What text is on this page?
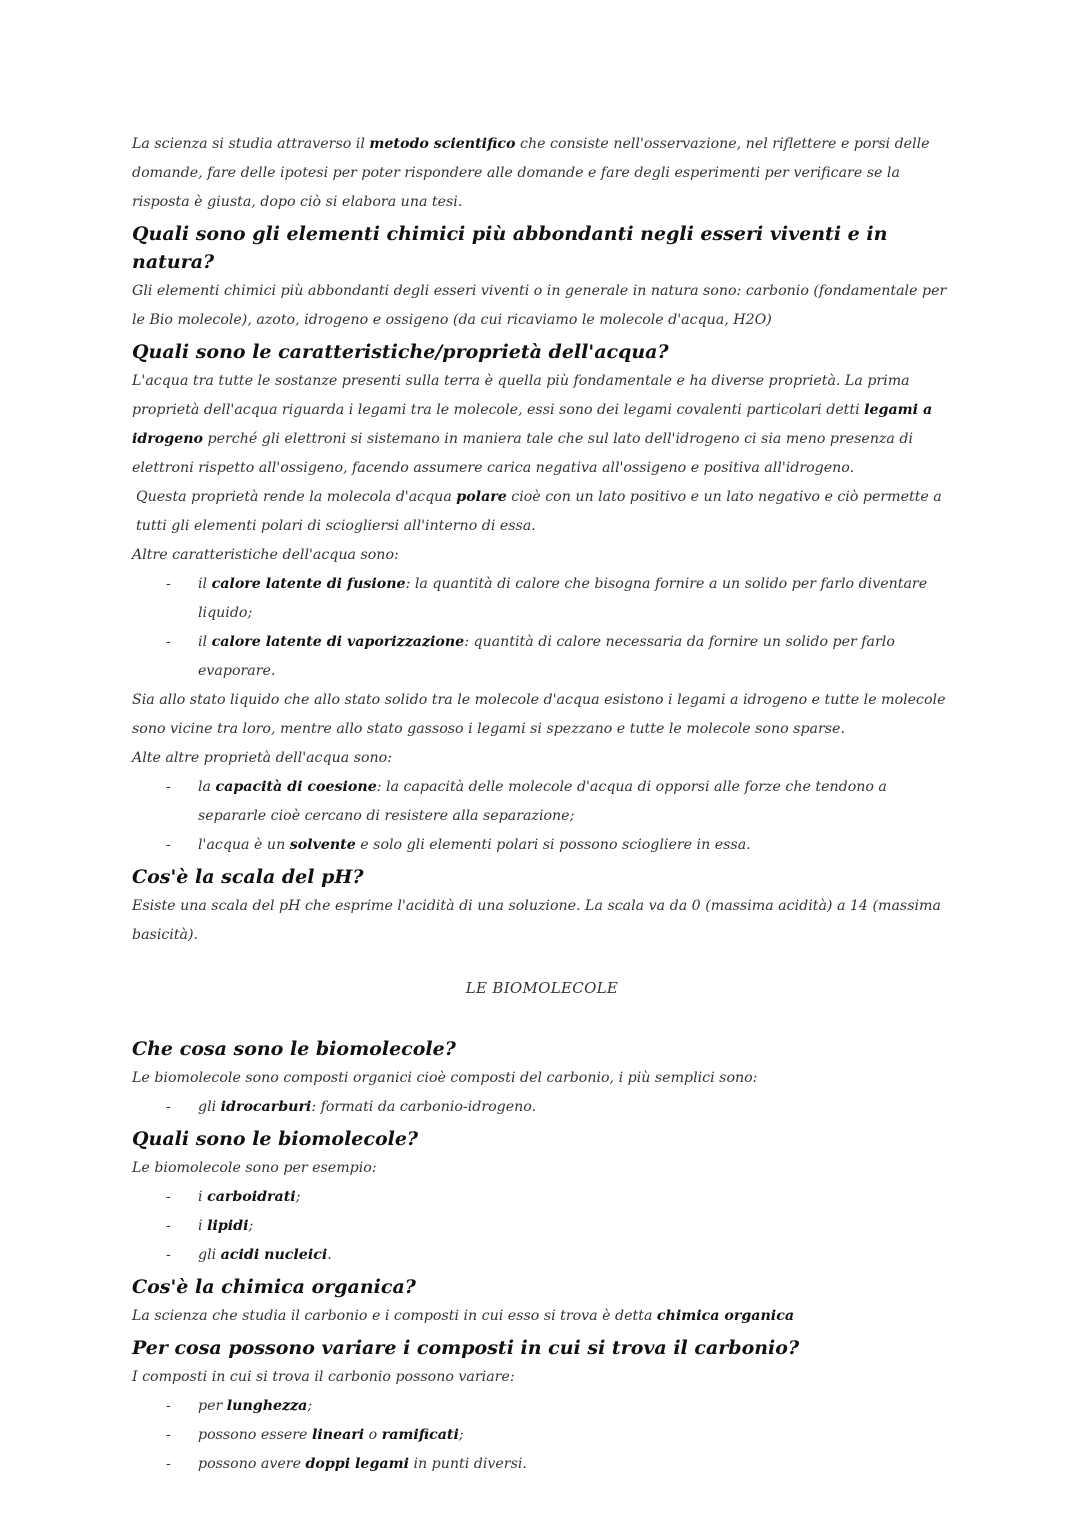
La scienza si studia attraverso il metodo scientifico che consiste nell'osservazione, nel riflettere e porsi delle domande, fare delle ipotesi per poter rispondere alle domande e fare degli esperimenti per verificare se la risposta è giusta, dopo ciò si elabora una tesi.

Quali sono gli elementi chimici più abbondanti negli esseri viventi e in natura?

Gli elementi chimici più abbondanti degli esseri viventi o in generale in natura sono: carbonio (fondamentale per le Bio molecole), azoto, idrogeno e ossigeno (da cui ricaviamo le molecole d'acqua, H2O)

Quali sono le caratteristiche/proprietà dell'acqua?

L'acqua tra tutte le sostanze presenti sulla terra è quella più fondamentale e ha diverse proprietà. La prima proprietà dell'acqua riguarda i legami tra le molecole, essi sono dei legami covalenti particolari detti legami a idrogeno perché gli elettroni si sistemano in maniera tale che sul lato dell'idrogeno ci sia meno presenza di elettroni rispetto all'ossigeno, facendo assumere carica negativa all'ossigeno e positiva all'idrogeno.

Questa proprietà rende la molecola d'acqua polare cioè con un lato positivo e un lato negativo e ciò permette a tutti gli elementi polari di sciogliersi all'interno di essa.

Altre caratteristiche dell'acqua sono:

- il calore latente di fusione: la quantità di calore che bisogna fornire a un solido per farlo diventare liquido;
- il calore latente di vaporizzazione: quantità di calore necessaria da fornire un solido per farlo evaporare.

Sia allo stato liquido che allo stato solido tra le molecole d'acqua esistono i legami a idrogeno e tutte le molecole sono vicine tra loro, mentre allo stato gassoso i legami si spezzano e tutte le molecole sono sparse.

Alte altre proprietà dell'acqua sono:

- la capacità di coesione: la capacità delle molecole d'acqua di opporsi alle forze che tendono a separarle cioè cercano di resistere alla separazione;
- l'acqua è un solvente e solo gli elementi polari si possono sciogliere in essa.
Cos'è la scala del pH?

Esiste una scala del pH che esprime l'acidità di una soluzione. La scala va da 0 (massima acidità) a 14 (massima basicità).

LE BIOMOLECOLE
Che cosa sono le biomolecole?

Le biomolecole sono composti organici cioè composti del carbonio, i più semplici sono:

- gli idrocarburi: formati da carbonio-idrogeno.
Quali sono le biomolecole?

Le biomolecole sono per esempio:

- i carboidrati;
- i lipidi;
- gli acidi nucleici.
Cos'è la chimica organica?

La scienza che studia il carbonio e i composti in cui esso si trova è detta chimica organica

Per cosa possono variare i composti in cui si trova il carbonio?

I composti in cui si trova il carbonio possono variare:

- per lunghezza;
- possono essere lineari o ramificati;
- possono avere doppi legami in punti diversi.
